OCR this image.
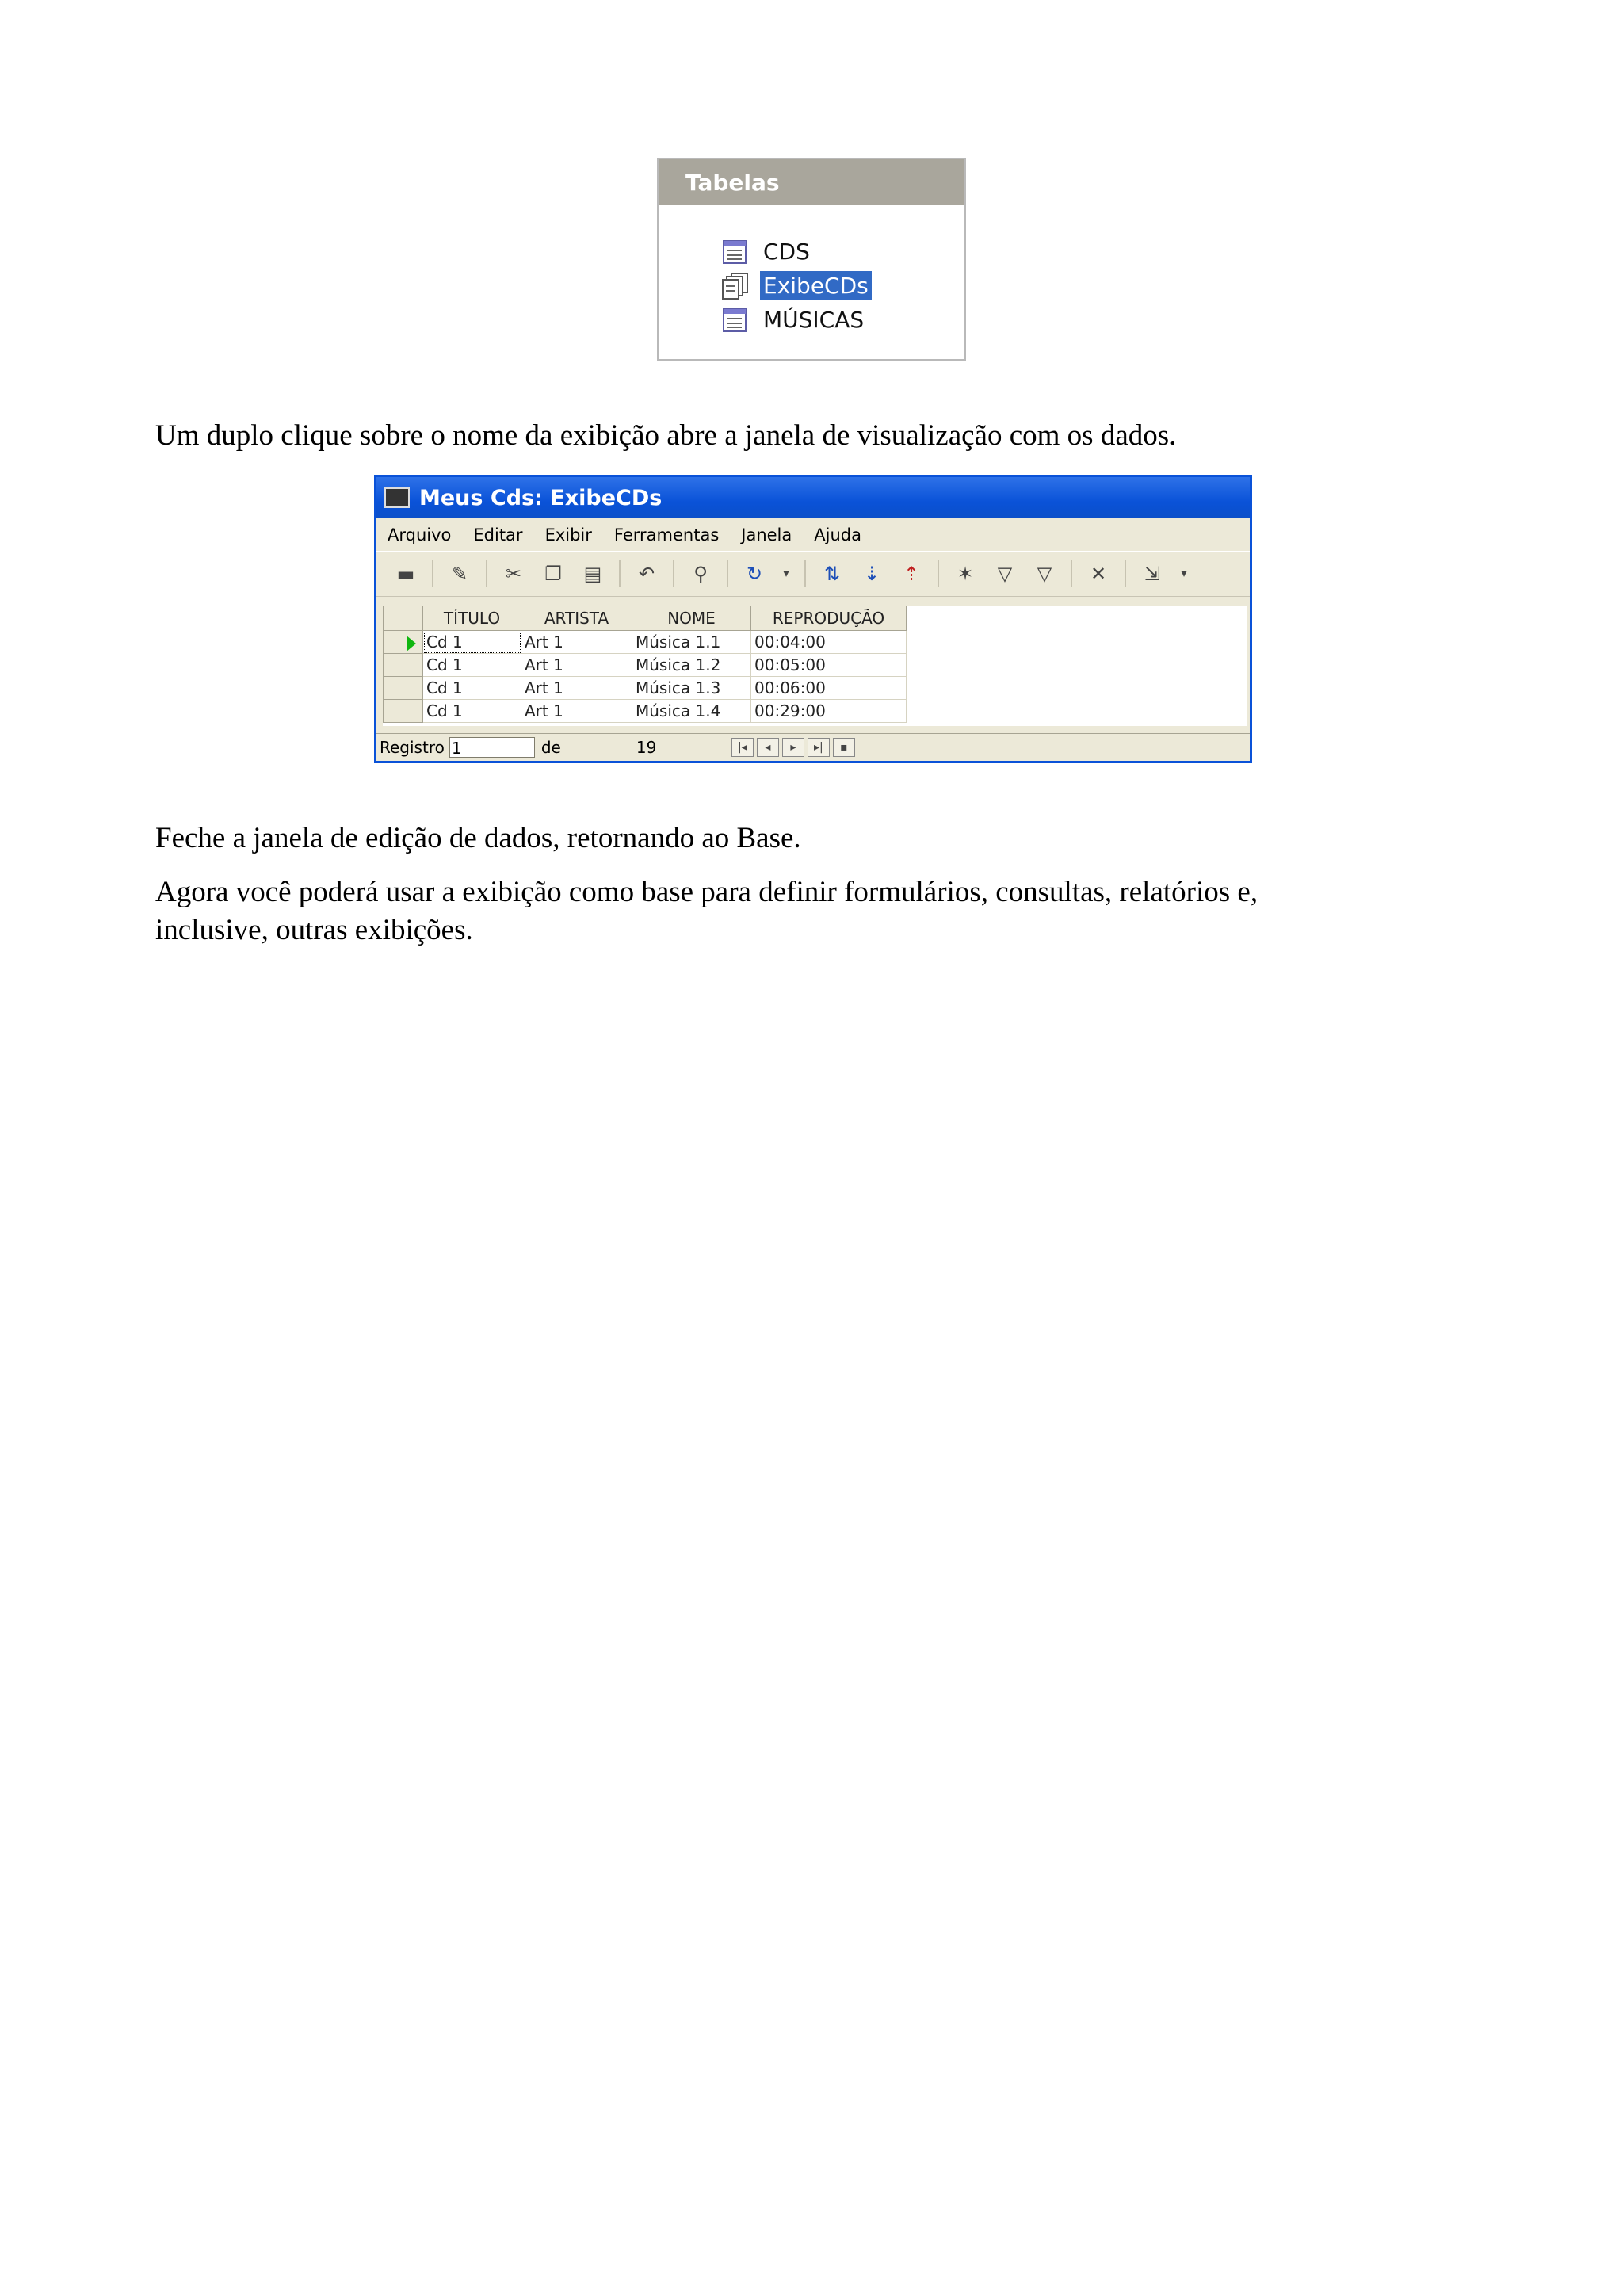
Tabelas
CDS
ExibeCDs
MÚSICAS

Um duplo clique sobre o nome da exibição abre a janela de visualização com os dados.

Meus Cds: ExibeCDs
Arquivo Editar Exibir Ferramentas Janela Ajuda
▬ ✎ ✂ ❐ ▤ ↶	⚲	↻	▾ ⇅ ⇣ ⇡ ✶	▽	▽	✕ ⇲	▾
	TÍTULO	ARTISTA	NOME	REPRODUÇÃO
	Cd 1	Art 1	Música 1.1	00:04:00
	Cd 1	Art 1	Música 1.2	00:05:00
	Cd 1	Art 1	Música 1.3	00:06:00
	Cd 1	Art 1	Música 1.4	00:29:00
Registro 1	de	19	|◂	◂	▸	▸|	▪

Feche a janela de edição de dados, retornando ao Base.

Agora você poderá usar a exibição como base para definir formulários, consultas, relatórios e,

inclusive, outras exibições.
